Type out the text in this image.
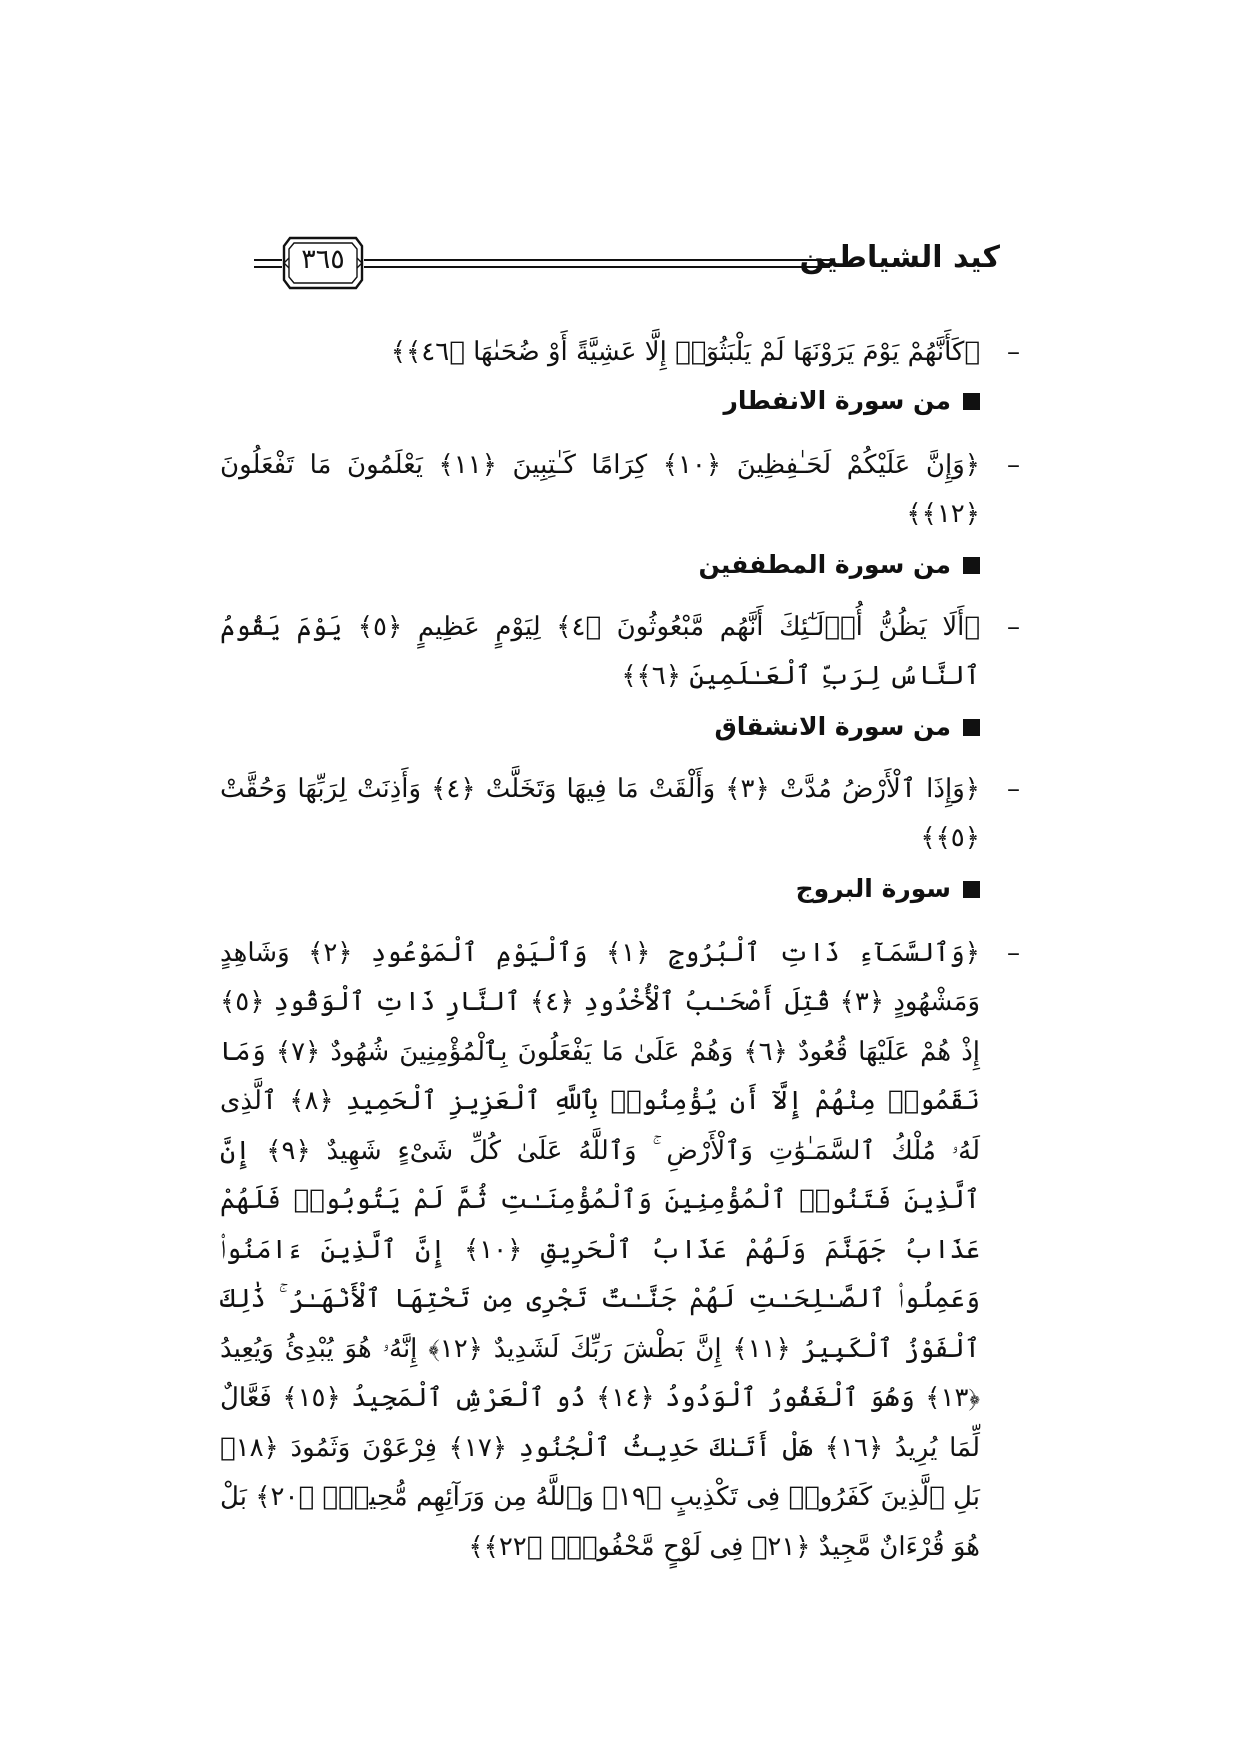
كيد الشياطين
٣٦٥
–
﴿كَأَنَّهُمْ يَوْمَ يَرَوْنَهَا لَمْ يَلْبَثُوٓا۟ إِلَّا عَشِيَّةً أَوْ ضُحَىٰهَا ﴿٤٦﴾﴾
من سورة الانفطار
–
﴿وَإِنَّ عَلَيْكُمْ لَحَـٰفِظِينَ ﴿١٠﴾ كِرَامًا كَـٰتِبِينَ ﴿١١﴾ يَعْلَمُونَ مَا تَفْعَلُونَ ﴿١٢﴾﴾
من سورة المطففين
–
﴿أَلَا يَظُنُّ أُو۟لَـٰٓئِكَ أَنَّهُم مَّبْعُوثُونَ ﴿٤﴾ لِيَوْمٍ عَظِيمٍ ﴿٥﴾ يَوْمَ يَقُومُ ٱلنَّاسُ لِرَبِّ ٱلْعَـٰلَمِينَ ﴿٦﴾﴾
من سورة الانشقاق
–
﴿وَإِذَا ٱلْأَرْضُ مُدَّتْ ﴿٣﴾ وَأَلْقَتْ مَا فِيهَا وَتَخَلَّتْ ﴿٤﴾ وَأَذِنَتْ لِرَبِّهَا وَحُقَّتْ ﴿٥﴾﴾
سورة البروج
–
﴿وَٱلسَّمَآءِ ذَاتِ ٱلْبُرُوجِ ﴿١﴾ وَٱلْيَوْمِ ٱلْمَوْعُودِ ﴿٢﴾ وَشَاهِدٍ وَمَشْهُودٍ ﴿٣﴾ قُتِلَ أَصْحَـٰبُ ٱلْأُخْدُودِ ﴿٤﴾ ٱلنَّارِ ذَاتِ ٱلْوَقُودِ ﴿٥﴾ إِذْ هُمْ عَلَيْهَا قُعُودٌ ﴿٦﴾ وَهُمْ عَلَىٰ مَا يَفْعَلُونَ بِٱلْمُؤْمِنِينَ شُهُودٌ ﴿٧﴾ وَمَا نَقَمُوا۟ مِنْهُمْ إِلَّآ أَن يُؤْمِنُوا۟ بِٱللَّهِ ٱلْعَزِيزِ ٱلْحَمِيدِ ﴿٨﴾ ٱلَّذِى لَهُۥ مُلْكُ ٱلسَّمَـٰوَٰتِ وَٱلْأَرْضِ ۚ وَٱللَّهُ عَلَىٰ كُلِّ شَىْءٍ شَهِيدٌ ﴿٩﴾ إِنَّ ٱلَّذِينَ فَتَنُوا۟ ٱلْمُؤْمِنِينَ وَٱلْمُؤْمِنَـٰتِ ثُمَّ لَمْ يَتُوبُوا۟ فَلَهُمْ عَذَابُ جَهَنَّمَ وَلَهُمْ عَذَابُ ٱلْحَرِيقِ ﴿١٠﴾ إِنَّ ٱلَّذِينَ ءَامَنُوا۟ وَعَمِلُوا۟ ٱلصَّـٰلِحَـٰتِ لَهُمْ جَنَّـٰتٌ تَجْرِى مِن تَحْتِهَا ٱلْأَنْهَـٰرُ ۚ ذَٰلِكَ ٱلْفَوْزُ ٱلْكَبِيرُ ﴿١١﴾ إِنَّ بَطْشَ رَبِّكَ لَشَدِيدٌ ﴿١٢﴾ إِنَّهُۥ هُوَ يُبْدِئُ وَيُعِيدُ ﴿١٣﴾ وَهُوَ ٱلْغَفُورُ ٱلْوَدُودُ ﴿١٤﴾ ذُو ٱلْعَرْشِ ٱلْمَجِيدُ ﴿١٥﴾ فَعَّالٌ لِّمَا يُرِيدُ ﴿١٦﴾ هَلْ أَتَىٰكَ حَدِيثُ ٱلْجُنُودِ ﴿١٧﴾ فِرْعَوْنَ وَثَمُودَ ﴿١٨﴾ بَلِ ٱلَّذِينَ كَفَرُوا۟ فِى تَكْذِيبٍ ﴿١٩﴾ وَٱللَّهُ مِن وَرَآئِهِم مُّحِيطٌۢ ﴿٢٠﴾ بَلْ هُوَ قُرْءَانٌ مَّجِيدٌ ﴿٢١﴾ فِى لَوْحٍ مَّحْفُوظٍۭ ﴿٢٢﴾﴾
